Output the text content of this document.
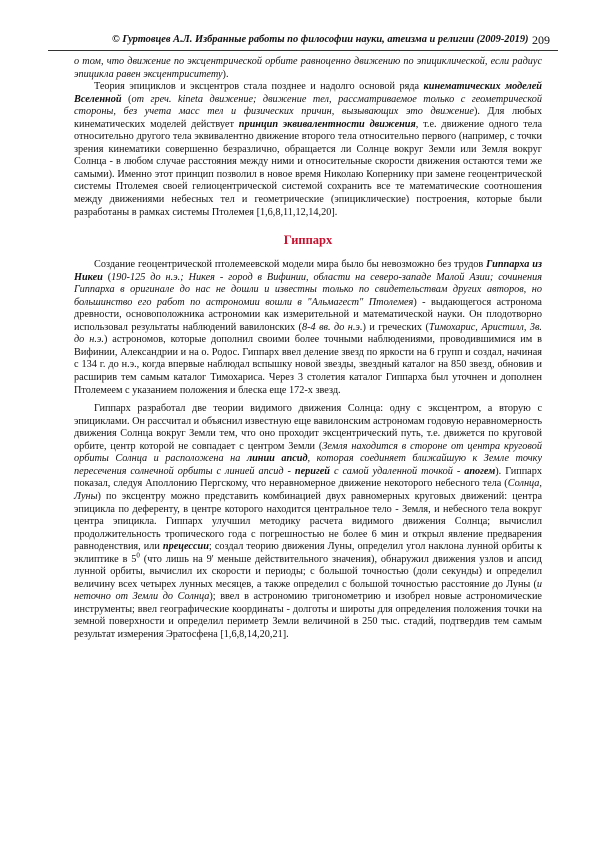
© Гуртовцев А.Л. Избранные работы по философии науки, атеизма и религии (2009-2019) 209

о том, что движение по эксцентрической орбите равноценно движению по эпициклической, если радиус эпицикла равен эксцентриситету).

Теория эпициклов и эксцентров стала позднее и надолго основой ряда кинематических моделей Вселенной (от греч. kinеta движение; движение тел, рассматриваемое только с геометрической стороны, без учета масс тел и физических причин, вызывающих это движение). Для любых кинематических моделей действует принцип эквивалентности движения, т.е. движение одного тела относительно другого тела эквивалентно движение второго тела относительно первого (например, с точки зрения кинематики совершенно безразлично, обращается ли Солнце вокруг Земли или Земля вокруг Солнца - в любом случае расстояния между ними и относительные скорости движения остаются теми же самыми). Именно этот принцип позволил в новое время Николаю Копернику при замене геоцентрической системы Птолемея своей гелиоцентрической системой сохранить все те математические соотношения между движениями небесных тел и геометрические (эпициклические) построения, которые были разработаны в рамках системы Птолемея [1,6,8,11,12,14,20].

Гиппарх

Создание геоцентрической птолемеевской модели мира было бы невозможно без трудов Гиппарха из Никеи (190-125 до н.э.; Никея - город в Вифинии, области на северо-западе Малой Азии; сочинения Гиппарха в оригинале до нас не дошли и известны только по свидетельствам других авторов, но большинство его работ по астрономии вошли в "Альмагест" Птолемея) - выдающегося астронома древности, основоположника астрономии как измерительной и математической науки. Он плодотворно использовал результаты наблюдений вавилонских (8-4 вв. до н.э.) и греческих (Тимохарис, Аристилл, 3в. до н.э.) астрономов, которые дополнил своими более точными наблюдениями, проводившимися им в Вифинии, Александрии и на о. Родос. Гиппарх ввел деление звезд по яркости на 6 групп и создал, начиная с 134 г. до н.э., когда впервые наблюдал вспышку новой звезды, звездный каталог на 850 звезд, обновив и расширив тем самым каталог Тимохариса. Через 3 столетия каталог Гиппарха был уточнен и дополнен Птолемеем с указанием положения и блеска еще 172-х звезд.

Гиппарх разработал две теории видимого движения Солнца: одну с эксцентром, а вторую с эпициклами. Он рассчитал и объяснил известную еще вавилонским астрономам годовую неравномерность движения Солнца вокруг Земли тем, что оно проходит эксцентрический путь, т.е. движется по круговой орбите, центр которой не совпадает с центром Земли (Земля находится в стороне от центра круговой орбиты Солнца и расположена на линии апсид, которая соединяет ближайшую к Земле точку пересечения солнечной орбиты с линией апсид - перигей с самой удаленной точкой - апогем). Гиппарх показал, следуя Аполлонию Пергскому, что неравномерное движение некоторого небесного тела (Солнца, Луны) по эксцентру можно представить комбинацией двух равномерных круговых движений: центра эпицикла по деференту, в центре которого находится центральное тело - Земля, и небесного тела вокруг центра эпицикла. Гиппарх улучшил методику расчета видимого движения Солнца; вычислил продолжительность тропического года с погрешностью не более 6 мин и открыл явление предварения равноденствия, или прецессии; создал теорию движения Луны, определил угол наклона лунной орбиты к эклиптике в $5^0$ (что лишь на 9' меньше действительного значения), обнаружил движения узлов и апсид лунной орбиты, вычислил их скорости и периоды; с большой точностью (доли секунды) и определил величину всех четырех лунных месяцев, а также определил с большой точностью расстояние до Луны (и неточно от Земли до Солнца); ввел в астрономию тригонометрию и изобрел новые астрономические инструменты; ввел географические координаты - долготы и широты для определения положения точки на земной поверхности и определил периметр Земли величиной в 250 тыс. стадий, подтвердив тем самым результат измерения Эратосфена [1,6,8,14,20,21].
